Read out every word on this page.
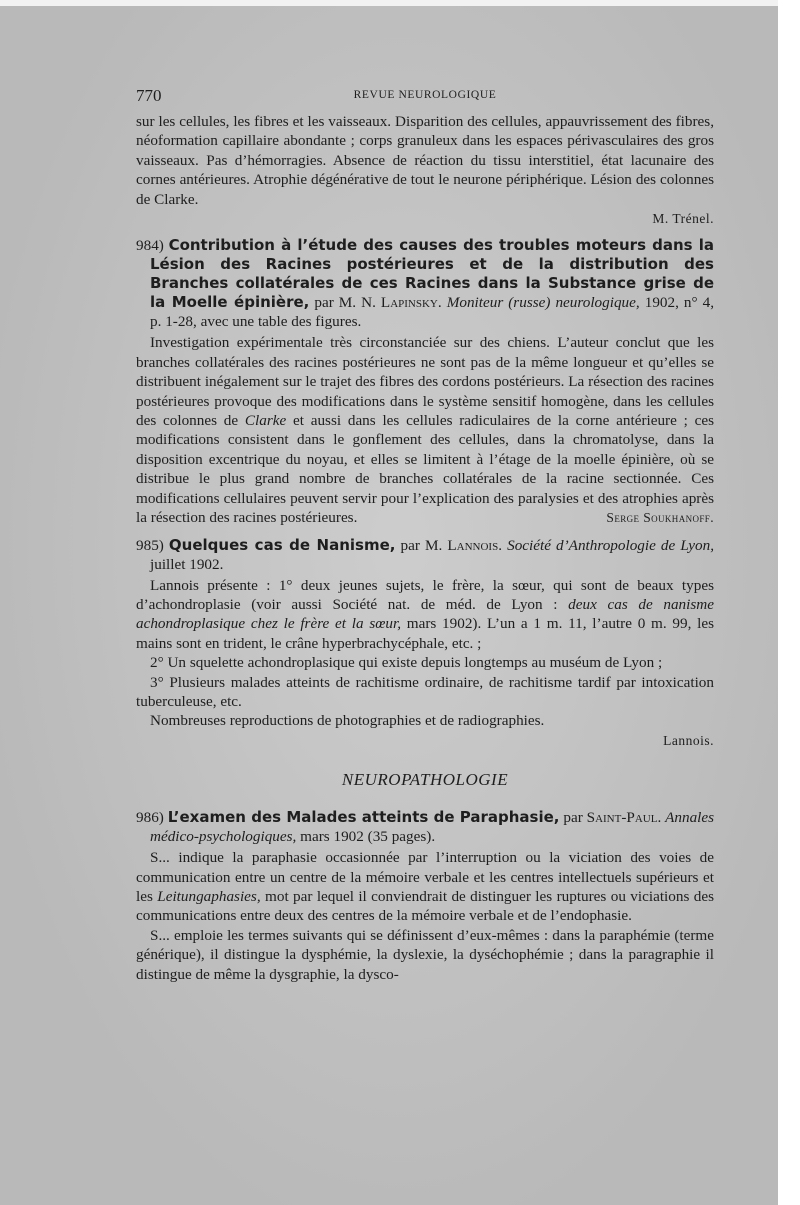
770	REVUE NEUROLOGIQUE

sur les cellules, les fibres et les vaisseaux. Disparition des cellules, appauvrissement des fibres, néoformation capillaire abondante ; corps granuleux dans les espaces périvasculaires des gros vaisseaux. Pas d’hémorragies. Absence de réaction du tissu interstitiel, état lacunaire des cornes antérieures. Atrophie dégénérative de tout le neurone périphérique. Lésion des colonnes de Clarke.

M. Trénel.

984) Contribution à l’étude des causes des troubles moteurs dans la Lésion des Racines postérieures et de la distribution des Branches collatérales de ces Racines dans la Substance grise de la Moelle épinière, par M. N. Lapinsky. Moniteur (russe) neurologique, 1902, n° 4, p. 1-28, avec une table des figures.

Investigation expérimentale très circonstanciée sur des chiens. L’auteur conclut que les branches collatérales des racines postérieures ne sont pas de la même longueur et qu’elles se distribuent inégalement sur le trajet des fibres des cordons postérieurs. La résection des racines postérieures provoque des modifications dans le système sensitif homogène, dans les cellules des colonnes de Clarke et aussi dans les cellules radiculaires de la corne antérieure ; ces modifications consistent dans le gonflement des cellules, dans la chromatolyse, dans la disposition excentrique du noyau, et elles se limitent à l’étage de la moelle épinière, où se distribue le plus grand nombre de branches collatérales de la racine sectionnée. Ces modifications cellulaires peuvent servir pour l’explication des paralysies et des atrophies après la résection des racines postérieures.	Serge Soukhanoff.

985) Quelques cas de Nanisme, par M. Lannois. Société d’Anthropologie de Lyon, juillet 1902.

Lannois présente : 1° deux jeunes sujets, le frère, la sœur, qui sont de beaux types d’achondroplasie (voir aussi Société nat. de méd. de Lyon : deux cas de nanisme achondroplasique chez le frère et la sœur, mars 1902). L’un a 1 m. 11, l’autre 0 m. 99, les mains sont en trident, le crâne hyperbrachycéphale, etc. ;

2° Un squelette achondroplasique qui existe depuis longtemps au muséum de Lyon ;

3° Plusieurs malades atteints de rachitisme ordinaire, de rachitisme tardif par intoxication tuberculeuse, etc.

Nombreuses reproductions de photographies et de radiographies.

Lannois.

NEUROPATHOLOGIE

986) L’examen des Malades atteints de Paraphasie, par Saint-Paul. Annales médico-psychologiques, mars 1902 (35 pages).

S... indique la paraphasie occasionnée par l’interruption ou la viciation des voies de communication entre un centre de la mémoire verbale et les centres intellectuels supérieurs et les Leitungaphasies, mot par lequel il conviendrait de distinguer les ruptures ou viciations des communications entre deux des centres de la mémoire verbale et de l’endophasie.

S... emploie les termes suivants qui se définissent d’eux-mêmes : dans la paraphémie (terme générique), il distingue la dysphémie, la dyslexie, la dyséchophémie ; dans la paragraphie il distingue de même la dysgraphie, la dysco-
